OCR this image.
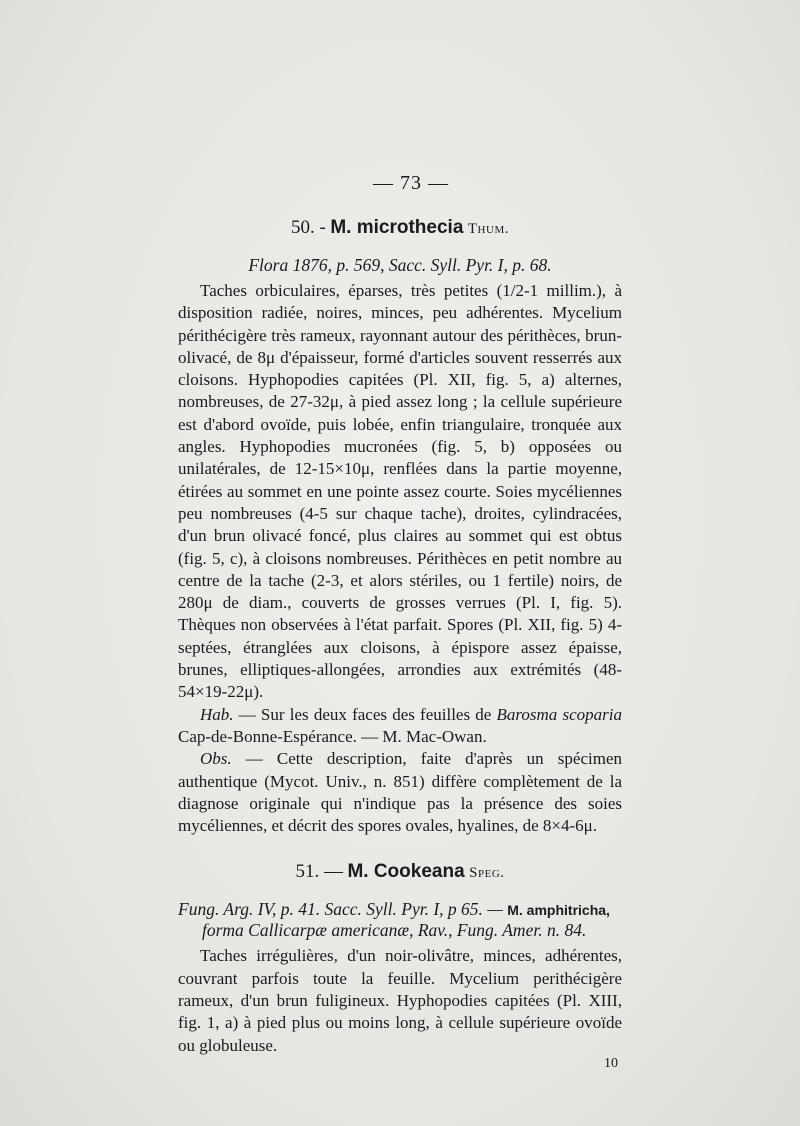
— 73 —
50. - M. microthecia Thum.
Flora 1876, p. 569, Sacc. Syll. Pyr. I, p. 68.

Taches orbiculaires, éparses, très petites (1/2-1 millim.), à disposition radiée, noires, minces, peu adhérentes. Mycelium périthécigère très rameux, rayonnant autour des périthèces, brun-olivacé, de 8μ d'épaisseur, formé d'articles souvent resserrés aux cloisons. Hyphopodies capitées (Pl. XII, fig. 5, a) alternes, nombreuses, de 27-32μ, à pied assez long ; la cellule supérieure est d'abord ovoïde, puis lobée, enfin triangulaire, tronquée aux angles. Hyphopodies mucronées (fig. 5, b) opposées ou unilatérales, de 12-15×10μ, renflées dans la partie moyenne, étirées au sommet en une pointe assez courte. Soies mycéliennes peu nombreuses (4-5 sur chaque tache), droites, cylindracées, d'un brun olivacé foncé, plus claires au sommet qui est obtus (fig. 5, c), à cloisons nombreuses. Périthèces en petit nombre au centre de la tache (2-3, et alors stériles, ou 1 fertile) noirs, de 280μ de diam., couverts de grosses verrues (Pl. I, fig. 5). Thèques non observées à l'état parfait. Spores (Pl. XII, fig. 5) 4-septées, étranglées aux cloisons, à épispore assez épaisse, brunes, elliptiques-allongées, arrondies aux extrémités (48-54×19-22μ).

Hab. — Sur les deux faces des feuilles de Barosma scoparia Cap-de-Bonne-Espérance. — M. Mac-Owan.

Obs. — Cette description, faite d'après un spécimen authentique (Mycot. Univ., n. 851) diffère complètement de la diagnose originale qui n'indique pas la présence des soies mycéliennes, et décrit des spores ovales, hyalines, de 8×4-6μ.

51. — M. Cookeana Speg.
Fung. Arg. IV, p. 41. Sacc. Syll. Pyr. I, p 65. — M. amphitricha,
forma Callicarpæ americanæ, Rav., Fung. Amer. n. 84.

Taches irrégulières, d'un noir-olivâtre, minces, adhérentes, couvrant parfois toute la feuille. Mycelium perithécigère rameux, d'un brun fuligineux. Hyphopodies capitées (Pl. XIII, fig. 1, a) à pied plus ou moins long, à cellule supérieure ovoïde ou globuleuse.

10
